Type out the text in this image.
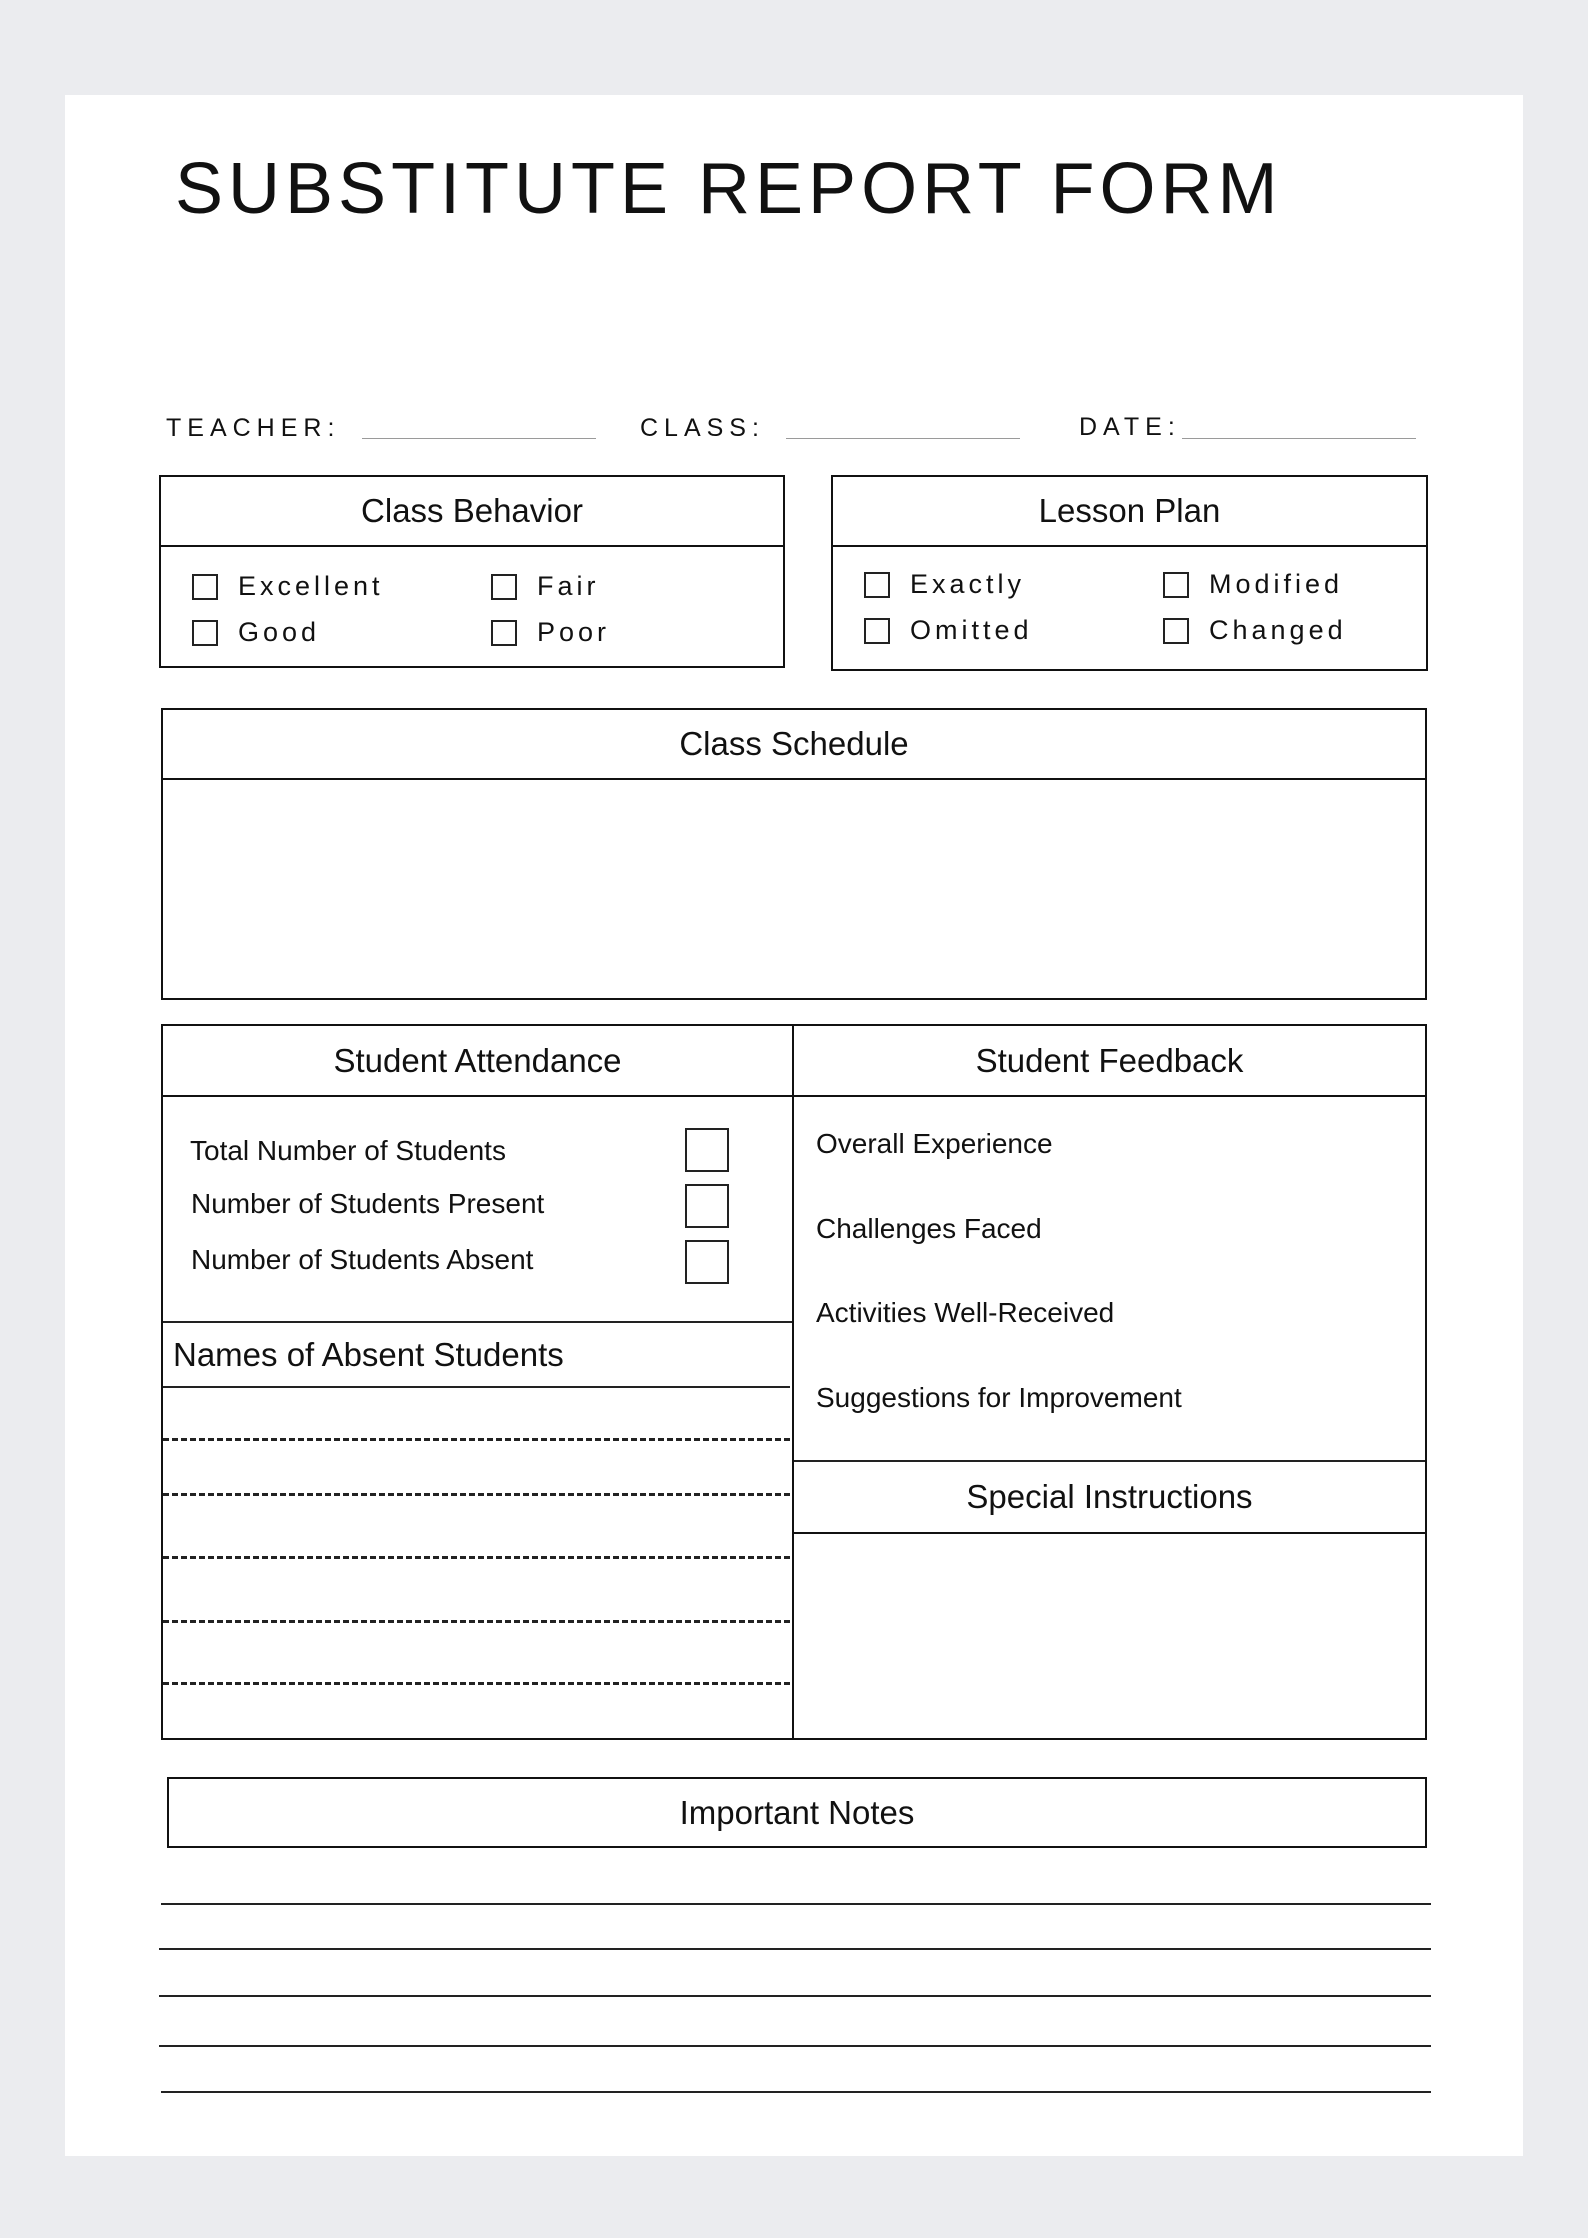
SUBSTITUTE REPORT FORM
TEACHER:	CLASS:	DATE:
Class Behavior
Excellent	Fair
Good	Poor
Lesson Plan
Exactly	Modified
Omitted	Changed
Class Schedule
Student Attendance
Total Number of Students
Number of Students Present
Number of Students Absent
Names of Absent Students
Student Feedback
Overall Experience
Challenges Faced
Activities Well-Received
Suggestions for Improvement
Special Instructions
Important Notes
